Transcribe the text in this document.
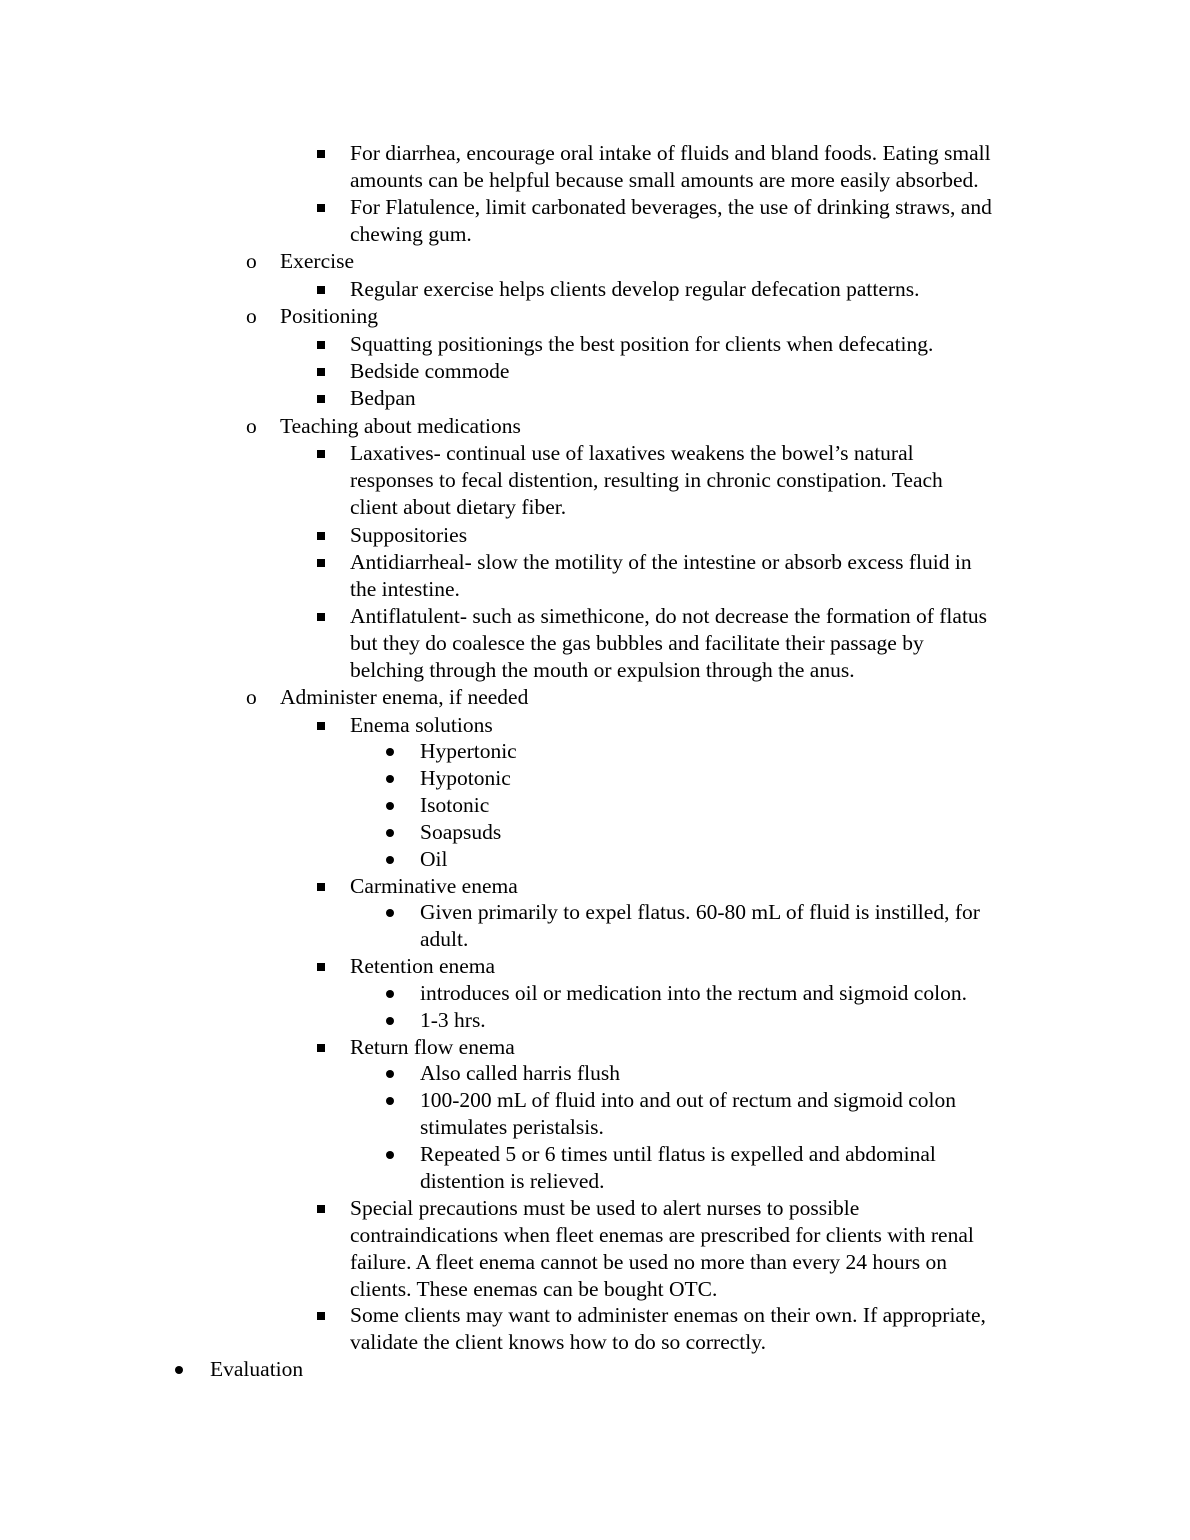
For diarrhea, encourage oral intake of fluids and bland foods. Eating small
amounts can be helpful because small amounts are more easily absorbed.
For Flatulence, limit carbonated beverages, the use of drinking straws, and
chewing gum.
o Exercise
Regular exercise helps clients develop regular defecation patterns.
o Positioning
Squatting positionings the best position for clients when defecating.
Bedside commode
Bedpan
o Teaching about medications
Laxatives- continual use of laxatives weakens the bowel’s natural
responses to fecal distention, resulting in chronic constipation. Teach
client about dietary fiber.
Suppositories
Antidiarrheal- slow the motility of the intestine or absorb excess fluid in
the intestine.
Antiflatulent- such as simethicone, do not decrease the formation of flatus
but they do coalesce the gas bubbles and facilitate their passage by
belching through the mouth or expulsion through the anus.
o Administer enema, if needed
Enema solutions
Hypertonic
Hypotonic
Isotonic
Soapsuds
Oil
Carminative enema
Given primarily to expel flatus. 60-80 mL of fluid is instilled, for
adult.
Retention enema
introduces oil or medication into the rectum and sigmoid colon.
1-3 hrs.
Return flow enema
Also called harris flush
100-200 mL of fluid into and out of rectum and sigmoid colon
stimulates peristalsis.
Repeated 5 or 6 times until flatus is expelled and abdominal
distention is relieved.
Special precautions must be used to alert nurses to possible
contraindications when fleet enemas are prescribed for clients with renal
failure. A fleet enema cannot be used no more than every 24 hours on
clients. These enemas can be bought OTC.
Some clients may want to administer enemas on their own. If appropriate,
validate the client knows how to do so correctly.
Evaluation
